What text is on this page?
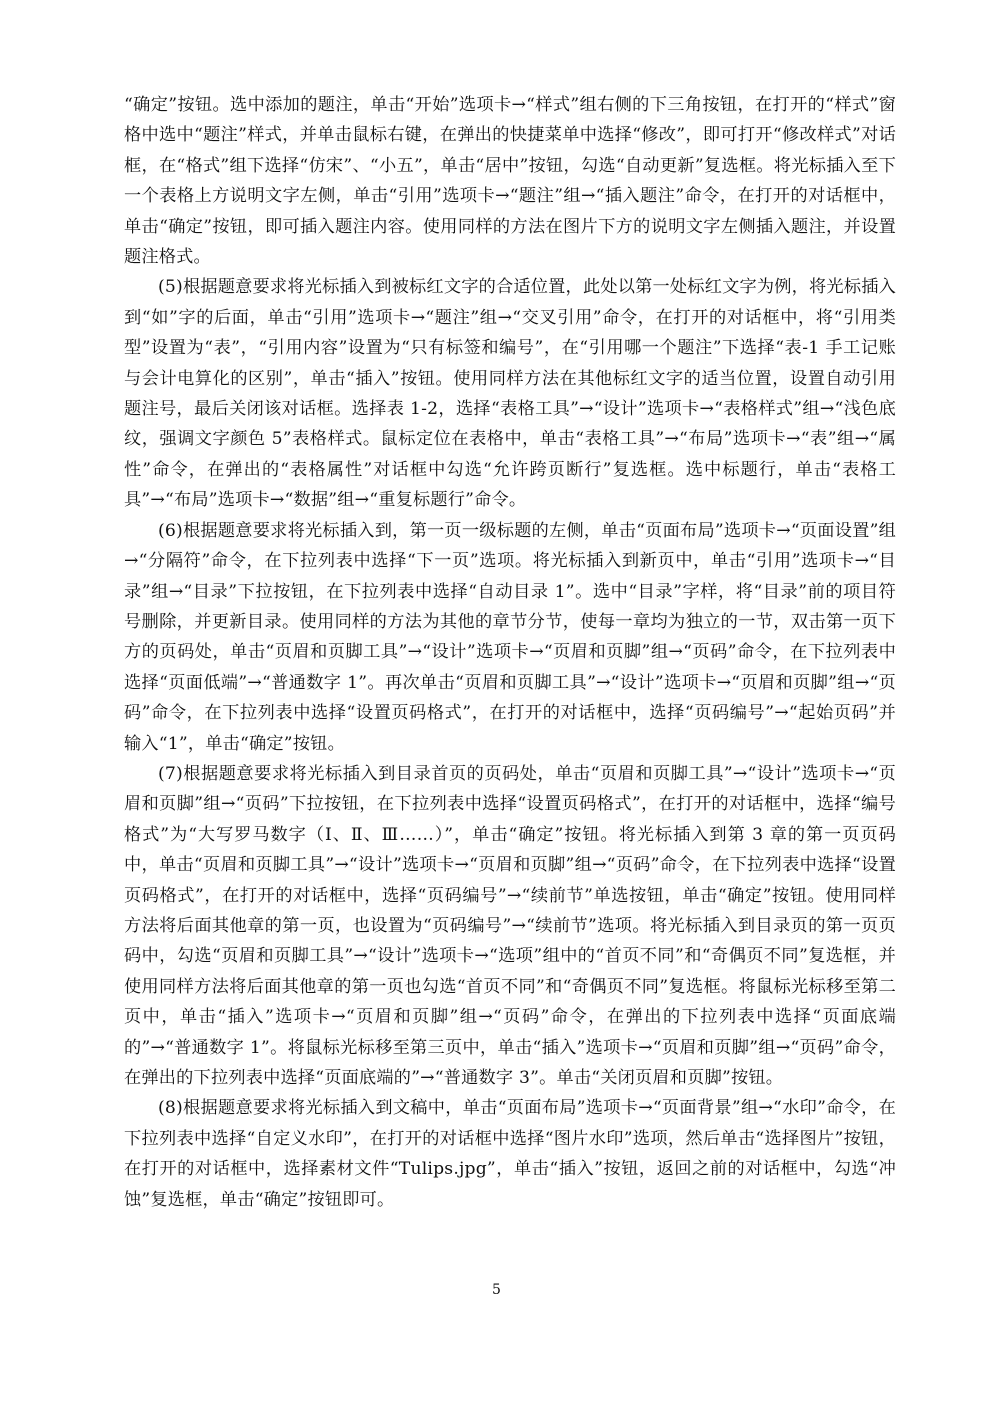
“确定”按钮。选中添加的题注，单击“开始”选项卡→“样式”组右侧的下三角按钮，在打开的“样式”窗格中选中“题注”样式，并单击鼠标右键，在弹出的快捷菜单中选择“修改”，即可打开“修改样式”对话框，在“格式”组下选择“仿宋”、“小五”，单击“居中”按钮，勾选“自动更新”复选框。将光标插入至下一个表格上方说明文字左侧，单击“引用”选项卡→“题注”组→“插入题注”命令，在打开的对话框中，单击“确定”按钮，即可插入题注内容。使用同样的方法在图片下方的说明文字左侧插入题注，并设置题注格式。

(5)根据题意要求将光标插入到被标红文字的合适位置，此处以第一处标红文字为例，将光标插入到“如”字的后面，单击“引用”选项卡→“题注”组→“交叉引用”命令，在打开的对话框中，将“引用类型”设置为“表”，“引用内容”设置为“只有标签和编号”，在“引用哪一个题注”下选择“表-1 手工记账与会计电算化的区别”，单击“插入”按钮。使用同样方法在其他标红文字的适当位置，设置自动引用题注号，最后关闭该对话框。选择表 1-2，选择“表格工具”→“设计”选项卡→“表格样式”组→“浅色底纹，强调文字颜色 5”表格样式。鼠标定位在表格中，单击“表格工具”→“布局”选项卡→“表”组→“属性”命令，在弹出的“表格属性”对话框中勾选“允许跨页断行”复选框。选中标题行，单击“表格工具”→“布局”选项卡→“数据”组→“重复标题行”命令。

(6)根据题意要求将光标插入到，第一页一级标题的左侧，单击“页面布局”选项卡→“页面设置”组→“分隔符”命令，在下拉列表中选择“下一页”选项。将光标插入到新页中，单击“引用”选项卡→“目录”组→“目录”下拉按钮，在下拉列表中选择“自动目录 1”。选中“目录”字样，将“目录”前的项目符号删除，并更新目录。使用同样的方法为其他的章节分节，使每一章均为独立的一节，双击第一页下方的页码处，单击“页眉和页脚工具”→“设计”选项卡→“页眉和页脚”组→“页码”命令，在下拉列表中选择“页面低端”→“普通数字 1”。再次单击“页眉和页脚工具”→“设计”选项卡→“页眉和页脚”组→“页码”命令，在下拉列表中选择“设置页码格式”，在打开的对话框中，选择“页码编号”→“起始页码”并输入“1”，单击“确定”按钮。

(7)根据题意要求将光标插入到目录首页的页码处，单击“页眉和页脚工具”→“设计”选项卡→“页眉和页脚”组→“页码”下拉按钮，在下拉列表中选择“设置页码格式”，在打开的对话框中，选择“编号格式”为“大写罗马数字（Ⅰ、Ⅱ、Ⅲ……）”，单击“确定”按钮。将光标插入到第 3 章的第一页页码中，单击“页眉和页脚工具”→“设计”选项卡→“页眉和页脚”组→“页码”命令，在下拉列表中选择“设置页码格式”，在打开的对话框中，选择“页码编号”→“续前节”单选按钮，单击“确定”按钮。使用同样方法将后面其他章的第一页，也设置为“页码编号”→“续前节”选项。将光标插入到目录页的第一页页码中，勾选“页眉和页脚工具”→“设计”选项卡→“选项”组中的“首页不同”和“奇偶页不同”复选框，并使用同样方法将后面其他章的第一页也勾选“首页不同”和“奇偶页不同”复选框。将鼠标光标移至第二页中，单击“插入”选项卡→“页眉和页脚”组→“页码”命令，在弹出的下拉列表中选择“页面底端的”→“普通数字 1”。将鼠标光标移至第三页中，单击“插入”选项卡→“页眉和页脚”组→“页码”命令，在弹出的下拉列表中选择“页面底端的”→“普通数字 3”。单击“关闭页眉和页脚”按钮。

(8)根据题意要求将光标插入到文稿中，单击“页面布局”选项卡→“页面背景”组→“水印”命令，在下拉列表中选择“自定义水印”，在打开的对话框中选择“图片水印”选项，然后单击“选择图片”按钮，在打开的对话框中，选择素材文件“Tulips.jpg”，单击“插入”按钮，返回之前的对话框中，勾选“冲蚀”复选框，单击“确定”按钮即可。

5
